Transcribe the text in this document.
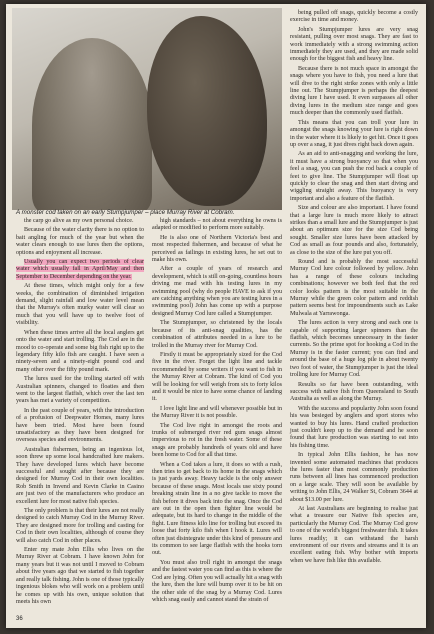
A monster cod taken on an early Stumpjumper – place Murray River at Cobram.

the carp go alive as my own personal choice.

Because of the water clarity there is no option to bait angling for much of the year but when the water clears enough to use lures then the options, options and enjoyment all increase.

Usually you can expect two periods of clear water which usually fall in April/May and then September to December depending on the year.

At these times, which might only for a few weeks, the combination of diminished irrigation demand, slight rainfall and low water level mean that the Murray's often murky water will clear so much that you will have up to twelve foot of visibility.

When these times arrive all the local anglers get onto the water and start trolling. The Cod are in the mood to co-operate and some big fish right up to the legendary fifty kilo fish are caught. I have seen a ninety-seven and a ninety-eight pound cod and many other over the fifty pound mark.

The lures used for the trolling started off with Australian spinners, changed to floaties and then went to the largest flatfish, which over the last ten years has met a variety of competition.

In the past couple of years, with the introduction of a profusion of Deepwater Homes, many lures have been tried. Most have been found unsatisfactory as they have been designed for overseas species and environments.

Australian fishermen, being an ingenious lot, soon threw up some local handcrafted lure makers. They have developed lures which have become successful and sought after because they are designed for Murray Cod in their own localities. Rob Smith in Invend and Kevin Clarke in Casino are just two of the manufacturers who produce an excellent lure for most native fish species.

The only problem is that their lures are not really designed to catch Murray Cod in the Murray River. They are designed more for trolling and casting for Cod in their own localities, although of course they will also catch Cod in other places.

Enter my mate John Ellis who lives on the Murray River at Cobram. I have known John for many years but it was not until I moved to Cobram about five years ago that we started to fish together and really talk fishing. John is one of those typically ingenious blokes who will work on a problem until he comes up with his own, unique solution that meets his own

high standards – not about everything he owns is adapted or modified to perform more suitably.

He is also one of Northern Victoria's best and most respected fishermen, and because of what he perceived as failings in existing lures, he set out to make his own.

After a couple of years of research and development, which is still on-going, countless hours driving me mad with his testing lures in my swimming pool (why do people HAVE to ask if you are catching anything when you are testing lures in a swimming pool) John has come up with a purpose designed Murray Cod lure called a Stumpjumper.

The Stumpjumper, so christened by the locals because of its anti-snag qualities, has the combination of attributes needed in a lure to be trolled in the Murray river for Murray Cod.

Firstly it must be appropriately sized for the Cod five in the river. Forget the light line and tackle recommended by some writers if you want to fish in the Murray River at Cobram. The kind of Cod you will be looking for will weigh from six to forty kilos and it would be nice to have some chance of landing it.

I love light line and will whenever possible but in the Murray River it is not possible.

The Cod live right in amongst the roots and trunks of submerged river red gum snags almost impervious to rot in the fresh water. Some of these snags are probably hundreds of years old and have been home to Cod for all that time.

When a Cod takes a lure, it does so with a rush, then tries to get back to its home in the snags which is just yards away. Heavy tackle is the only answer because of these snags. Most locals use sixty pound breaking strain line in a no give tackle to move the fish before it dives back into the snag. Once the Cod are out in the open then fighter line would be adequate, but its hard to change in the middle of the fight. Lure fitness kilo line for trolling but exceed its loose that forty kilo fish when I hook it. Lures will often just disintegrate under this kind of pressure and its common to see large flatfish with the hooks torn out.

You must also troll right in amongst the snags and the fastest water you can find as this is where the Cod are lying. Often you will actually hit a snag with the lure, then the lure will bump over it to be hit on the other side of the snag by a Murray Cod. Lures which snag easily and cannot stand the strain of

being pulled off snags, quickly become a costly exercise in time and money.

John's Stumpjumper lures are very snag resistant, pulling over most snags. They are fast to work immediately with a strong swimming action immediately they are used, and they are made solid enough for the biggest fish and heavy line.

Because there is not much space in amongst the snags where you have to fish, you need a lure that will dive to the right strike zones with only a little line out. The Stumpjumper is perhaps the deepest diving lure I have used. It even surpasses all other diving lures in the medium size range and goes much deeper than the commonly used flatfish.

This means that you can troll your lure in amongst the snags knowing your lure is right down in the water where it is likely to get hit. Once it goes up over a snag, it just dives right back down again.

As an aid to anti-snagging and working the lure, it must have a strong buoyancy so that when you feel a snag, you can push the rod back a couple of feet to give line. The Stumpjumper will float up quickly to clear the snag and then start diving and wiggling straight away. This buoyancy is very important and also a feature of the flatfish.

Size and colour are also important. I have found that a large lure is much more likely to attract strikes than a small lure and the Stumpjumper is just about an optimum size for the size Cod being sought. Smaller size lures have been attacked by Cod as small as four pounds and also, fortunately, as close to the size of the lure put you off.

Round and is probably the most successful Murray Cod lure colour followed by yellow. John has a range of these colours including combinations; however we both feel that the red color looks pattern is the most suitable in the Murray while the green color pattern and reddish pattern seems best for impoundments such as Lake Mulwala at Yarrawonga.

The lures action is very strong and each one is capable of supporting larger spinners than the flatfish, which becomes unnecessary in the faster currents. So the prime spot for hooking a Cod in the Murray is in the faster current; you can find and around the base of a huge log pile in about twenty two foot of water, the Stumpjumper is just the ideal trolling lure for Murray Cod.

Results so far have been outstanding, with success with native fish from Queensland to South Australia as well as along the Murray.

With the success and popularity John soon found his was besieged by anglers and sport stores who wanted to buy his lures. Hand crafted production just couldn't keep up to the demand and he soon found that lure production was starting to eat into his fishing time.

In typical John Ellis fashion, he has now invented some automated machines that produces the lures faster than most commonly production runs between all lines has commenced production on a large scale. They will soon be available by writing to John Ellis, 24 Walker St, Cobram 3644 at about $13.00 per lure.

At last Australians are beginning to realise just what a treasure our Native fish species are, particularly the Murray Cod. The Murray Cod grow to one of the world's biggest freshwater fish. It takes lures readily; it can withstand the harsh environment of our rivers and streams and it is an excellent eating fish. Why bother with imports when we have fish like this available.

36
